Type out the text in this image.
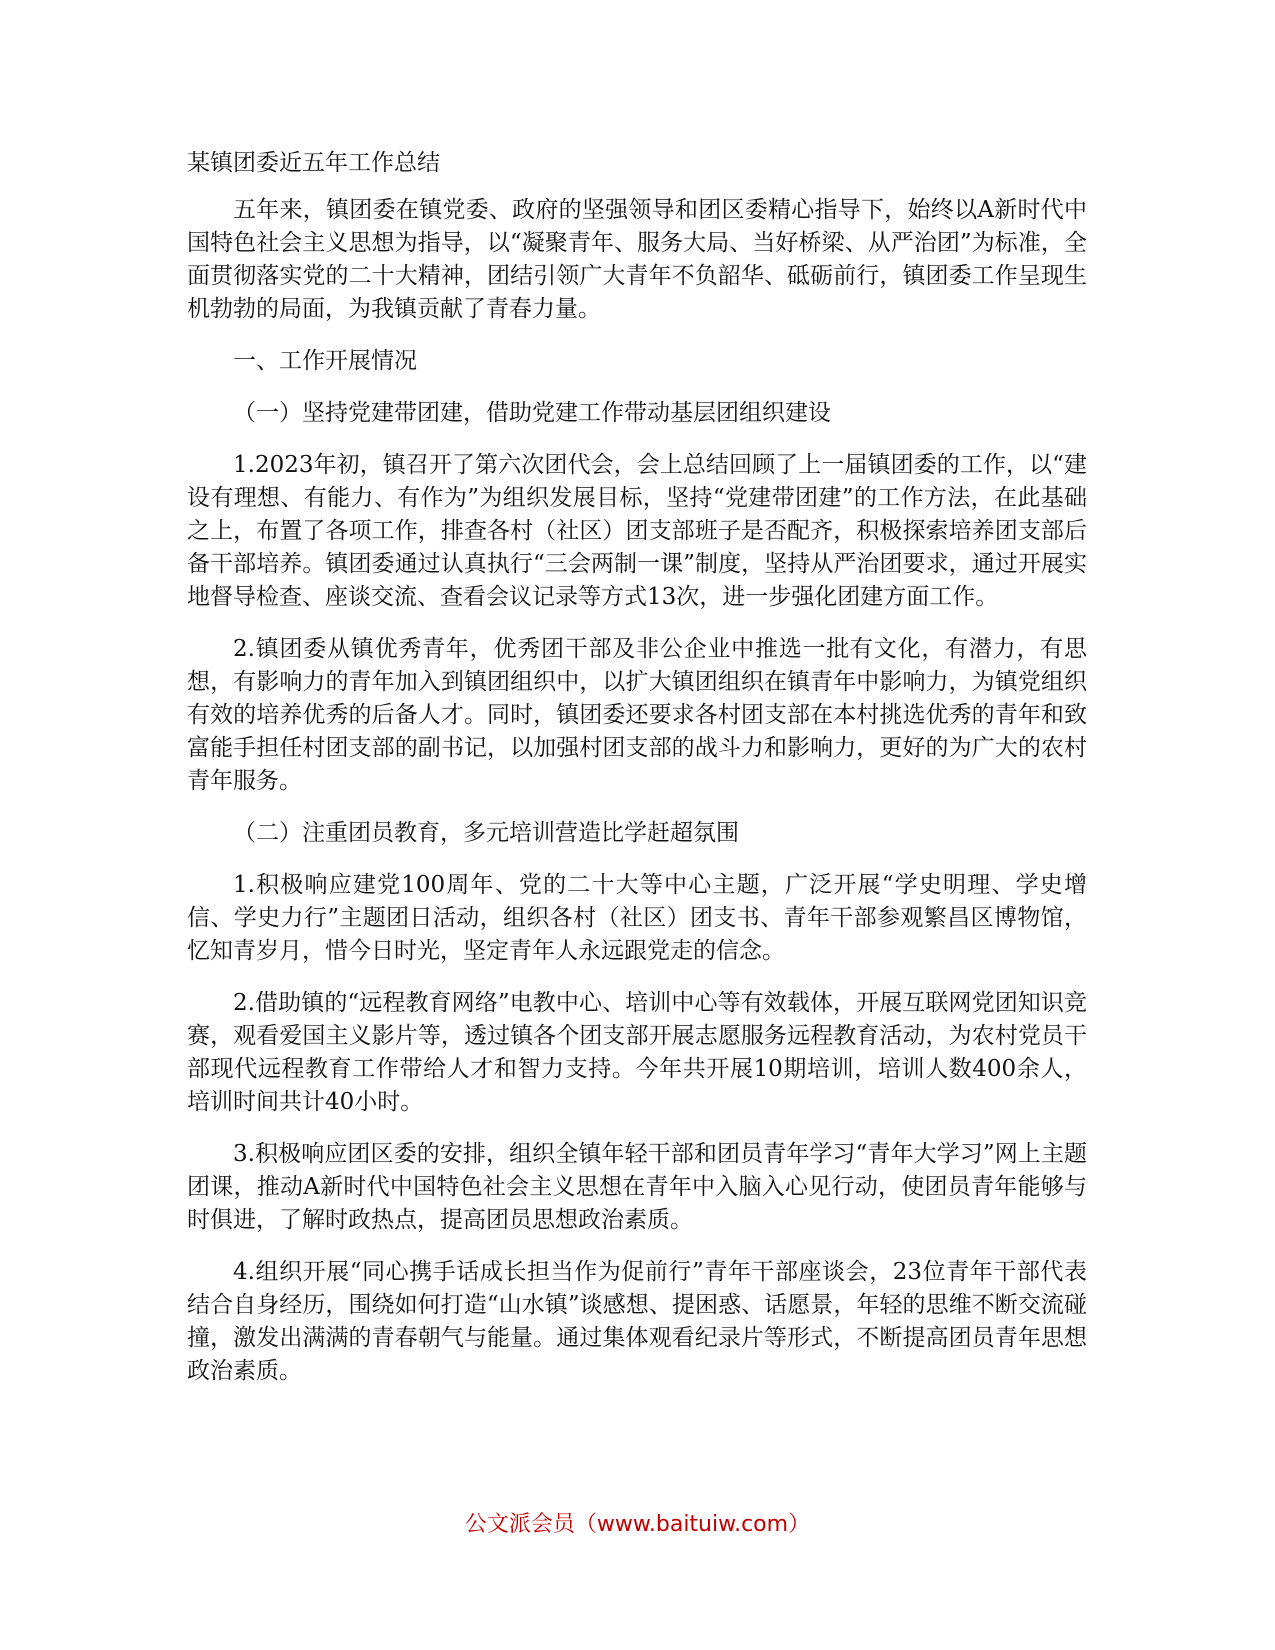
某镇团委近五年工作总结

五年来，镇团委在镇党委、政府的坚强领导和团区委精心指导下，始终以A新时代中国特色社会主义思想为指导，以“凝聚青年、服务大局、当好桥梁、从严治团”为标准，全面贯彻落实党的二十大精神，团结引领广大青年不负韶华、砥砺前行，镇团委工作呈现生机勃勃的局面，为我镇贡献了青春力量。

一、工作开展情况

（一）坚持党建带团建，借助党建工作带动基层团组织建设

1.2023年初，镇召开了第六次团代会，会上总结回顾了上一届镇团委的工作，以“建设有理想、有能力、有作为”为组织发展目标，坚持“党建带团建”的工作方法，在此基础之上，布置了各项工作，排查各村（社区）团支部班子是否配齐，积极探索培养团支部后备干部培养。镇团委通过认真执行“三会两制一课”制度，坚持从严治团要求，通过开展实地督导检查、座谈交流、查看会议记录等方式13次，进一步强化团建方面工作。

2.镇团委从镇优秀青年，优秀团干部及非公企业中推选一批有文化，有潜力，有思想，有影响力的青年加入到镇团组织中，以扩大镇团组织在镇青年中影响力，为镇党组织有效的培养优秀的后备人才。同时，镇团委还要求各村团支部在本村挑选优秀的青年和致富能手担任村团支部的副书记，以加强村团支部的战斗力和影响力，更好的为广大的农村青年服务。

（二）注重团员教育，多元培训营造比学赶超氛围

1.积极响应建党100周年、党的二十大等中心主题，广泛开展“学史明理、学史增信、学史力行”主题团日活动，组织各村（社区）团支书、青年干部参观繁昌区博物馆，忆知青岁月，惜今日时光，坚定青年人永远跟党走的信念。

2.借助镇的“远程教育网络”电教中心、培训中心等有效载体，开展互联网党团知识竞赛，观看爱国主义影片等，透过镇各个团支部开展志愿服务远程教育活动，为农村党员干部现代远程教育工作带给人才和智力支持。今年共开展10期培训，培训人数400余人，培训时间共计40小时。

3.积极响应团区委的安排，组织全镇年轻干部和团员青年学习“青年大学习”网上主题团课，推动A新时代中国特色社会主义思想在青年中入脑入心见行动，使团员青年能够与时俱进，了解时政热点，提高团员思想政治素质。

4.组织开展“同心携手话成长担当作为促前行”青年干部座谈会，23位青年干部代表结合自身经历，围绕如何打造“山水镇”谈感想、提困惑、话愿景，年轻的思维不断交流碰撞，激发出满满的青春朝气与能量。通过集体观看纪录片等形式，不断提高团员青年思想政治素质。

公文派会员（www.baituiw.com）
